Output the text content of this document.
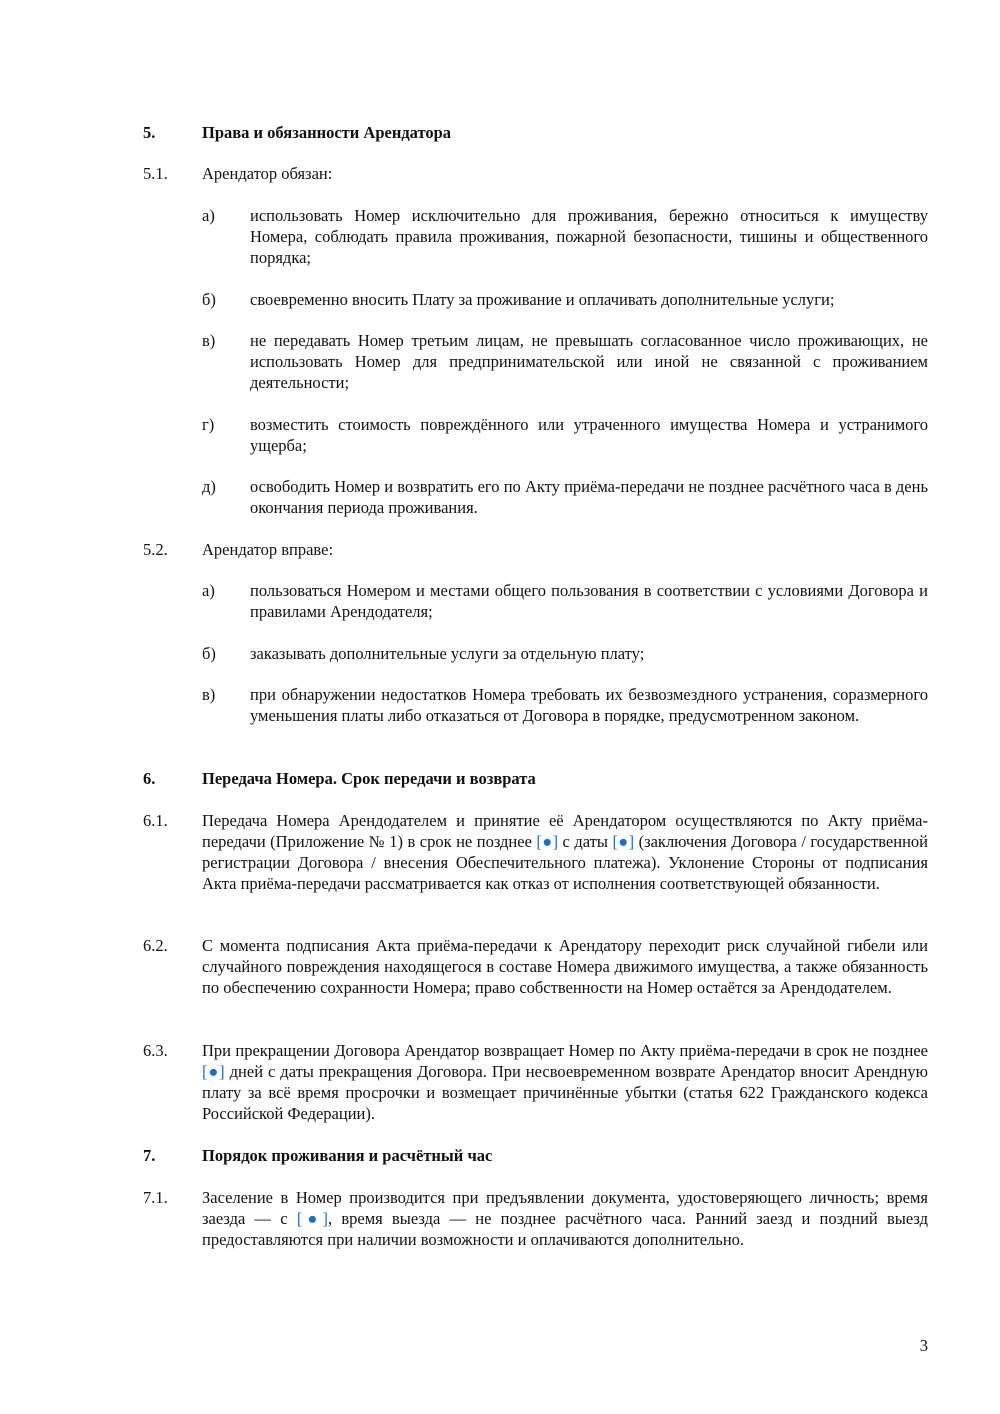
5.	Права и обязанности Арендатора
5.1. Арендатор обязан:
а) использовать Номер исключительно для проживания, бережно относиться к имуществу Номера, соблюдать правила проживания, пожарной безопасности, тишины и общественного порядка;
б) своевременно вносить Плату за проживание и оплачивать дополнительные услуги;
в) не передавать Номер третьим лицам, не превышать согласованное число проживающих, не использовать Номер для предпринимательской или иной не связанной с проживанием деятельности;
г) возместить стоимость повреждённого или утраченного имущества Номера и устранимого ущерба;
д) освободить Номер и возвратить его по Акту приёма-передачи не позднее расчётного часа в день окончания периода проживания.
5.2. Арендатор вправе:
а) пользоваться Номером и местами общего пользования в соответствии с условиями Договора и правилами Арендодателя;
б) заказывать дополнительные услуги за отдельную плату;
в) при обнаружении недостатков Номера требовать их безвозмездного устранения, соразмерного уменьшения платы либо отказаться от Договора в порядке, предусмотренном законом.
6.	Передача Номера. Срок передачи и возврата
6.1. Передача Номера Арендодателем и принятие её Арендатором осуществляются по Акту приёма-передачи (Приложение № 1) в срок не позднее [●] с даты [●] (заключения Договора / государственной регистрации Договора / внесения Обеспечительного платежа). Уклонение Стороны от подписания Акта приёма-передачи рассматривается как отказ от исполнения соответствующей обязанности.
6.2. С момента подписания Акта приёма-передачи к Арендатору переходит риск случайной гибели или случайного повреждения находящегося в составе Номера движимого имущества, а также обязанность по обеспечению сохранности Номера; право собственности на Номер остаётся за Арендодателем.
6.3. При прекращении Договора Арендатор возвращает Номер по Акту приёма-передачи в срок не позднее [●] дней с даты прекращения Договора. При несвоевременном возврате Арендатор вносит Арендную плату за всё время просрочки и возмещает причинённые убытки (статья 622 Гражданского кодекса Российской Федерации).
7.	Порядок проживания и расчётный час
7.1. Заселение в Номер производится при предъявлении документа, удостоверяющего личность; время заезда — с [●], время выезда — не позднее расчётного часа. Ранний заезд и поздний выезд предоставляются при наличии возможности и оплачиваются дополнительно.
3
